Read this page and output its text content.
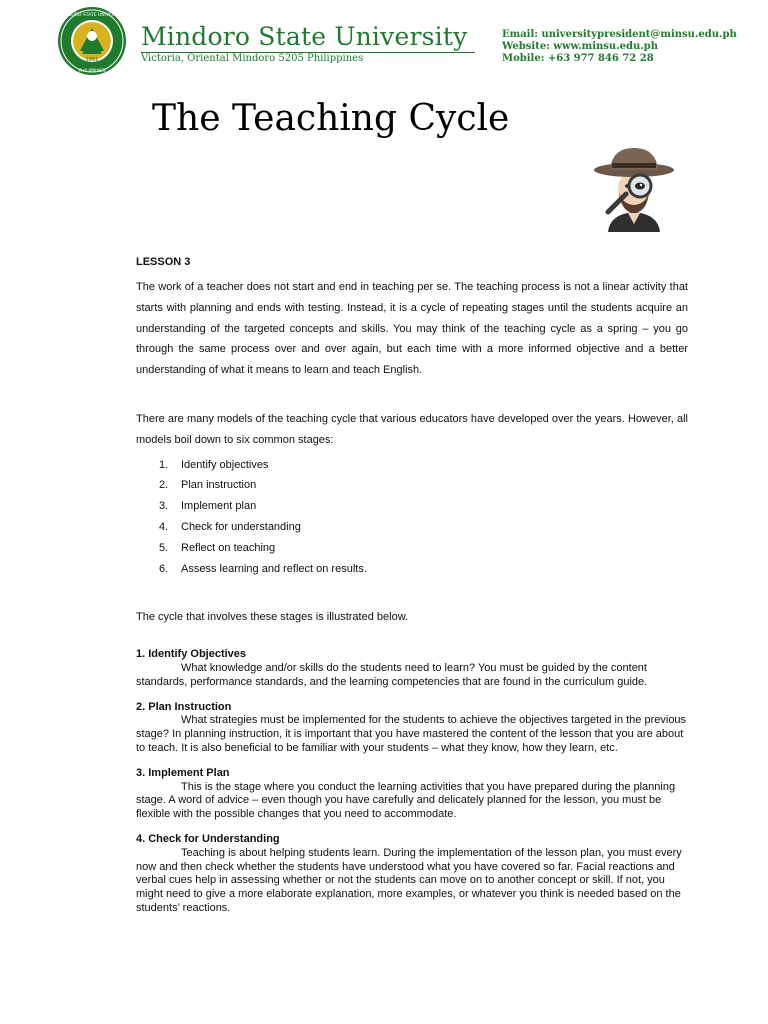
1951
MINDORO STATE UNIVERSITY
PHILIPPINES
Mindoro State University
Victoria, Oriental Mindoro 5205 Philippines
Email: universitypresident@minsu.edu.ph
Website: www.minsu.edu.ph
Mobile: +63 977 846 72 28
The Teaching Cycle

LESSON 3

The work of a teacher does not start and end in teaching per se. The teaching process is not a linear activity that starts with planning and ends with testing. Instead, it is a cycle of repeating stages until the students acquire an understanding of the targeted concepts and skills. You may think of the teaching cycle as a spring – you go through the same process over and over again, but each time with a more informed objective and a better understanding of what it means to learn and teach English.

There are many models of the teaching cycle that various educators have developed over the years. However, all models boil down to six common stages:

1.	Identify objectives
2.	Plan instruction
3.	Implement plan
4.	Check for understanding
5.	Reflect on teaching
6.	Assess learning and reflect on results.

The cycle that involves these stages is illustrated below.

1. Identify Objectives

What knowledge and/or skills do the students need to learn? You must be guided by the content standards, performance standards, and the learning competencies that are found in the curriculum guide.

2. Plan Instruction

What strategies must be implemented for the students to achieve the objectives targeted in the previous stage? In planning instruction, it is important that you have mastered the content of the lesson that you are about to teach. It is also beneficial to be familiar with your students – what they know, how they learn, etc.

3. Implement Plan

This is the stage where you conduct the learning activities that you have prepared during the planning stage. A word of advice – even though you have carefully and delicately planned for the lesson, you must be flexible with the possible changes that you need to accommodate.

4. Check for Understanding

Teaching is about helping students learn. During the implementation of the lesson plan, you must every now and then check whether the students have understood what you have covered so far. Facial reactions and verbal cues help in assessing whether or not the students can move on to another concept or skill. If not, you might need to give a more elaborate explanation, more examples, or whatever you think is needed based on the students’ reactions.
